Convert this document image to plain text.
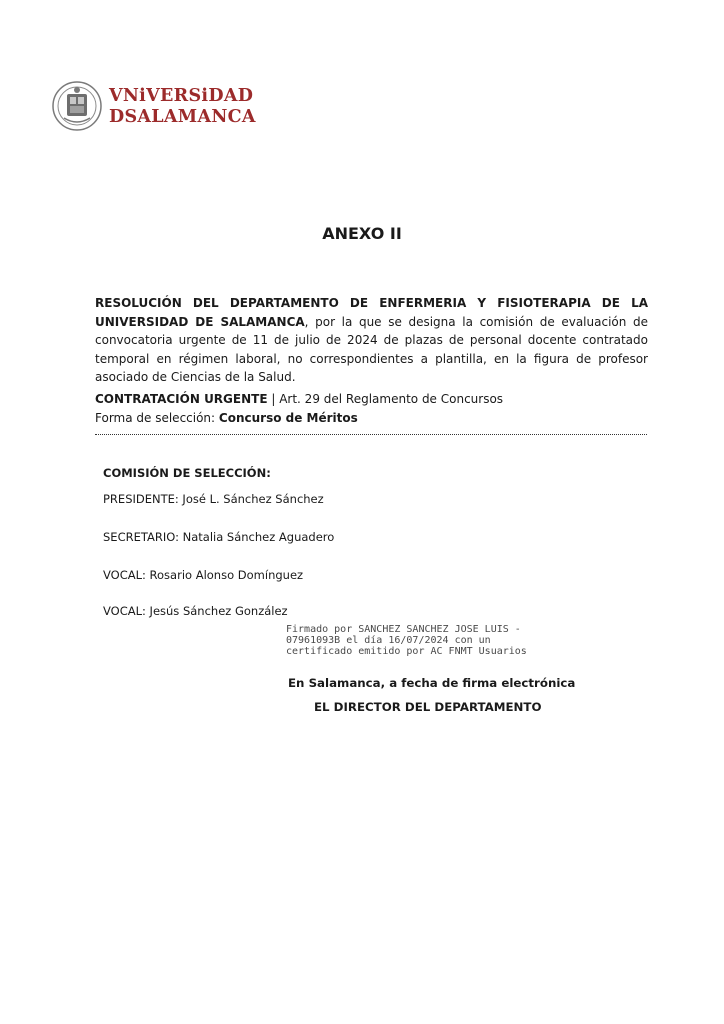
VNiVERSiDAD
DSALAMANCA
ANEXO II

RESOLUCIÓN DEL DEPARTAMENTO DE ENFERMERIA Y FISIOTERAPIA DE LA UNIVERSIDAD DE SALAMANCA, por la que se designa la comisión de evaluación de convocatoria urgente de 11 de julio de 2024 de plazas de personal docente contratado temporal en régimen laboral, no correspondientes a plantilla, en la figura de profesor asociado de Ciencias de la Salud.

CONTRATACIÓN URGENTE | Art. 29 del Reglamento de Concursos
Forma de selección: Concurso de Méritos
COMISIÓN DE SELECCIÓN:
PRESIDENTE: José L. Sánchez Sánchez
SECRETARIO: Natalia Sánchez Aguadero
VOCAL: Rosario Alonso Domínguez
VOCAL: Jesús Sánchez González

Firmado por SANCHEZ SANCHEZ JOSE LUIS - 07961093B el día 16/07/2024 con un certificado emitido por AC FNMT Usuarios

En Salamanca, a fecha de firma electrónica
EL DIRECTOR DEL DEPARTAMENTO
